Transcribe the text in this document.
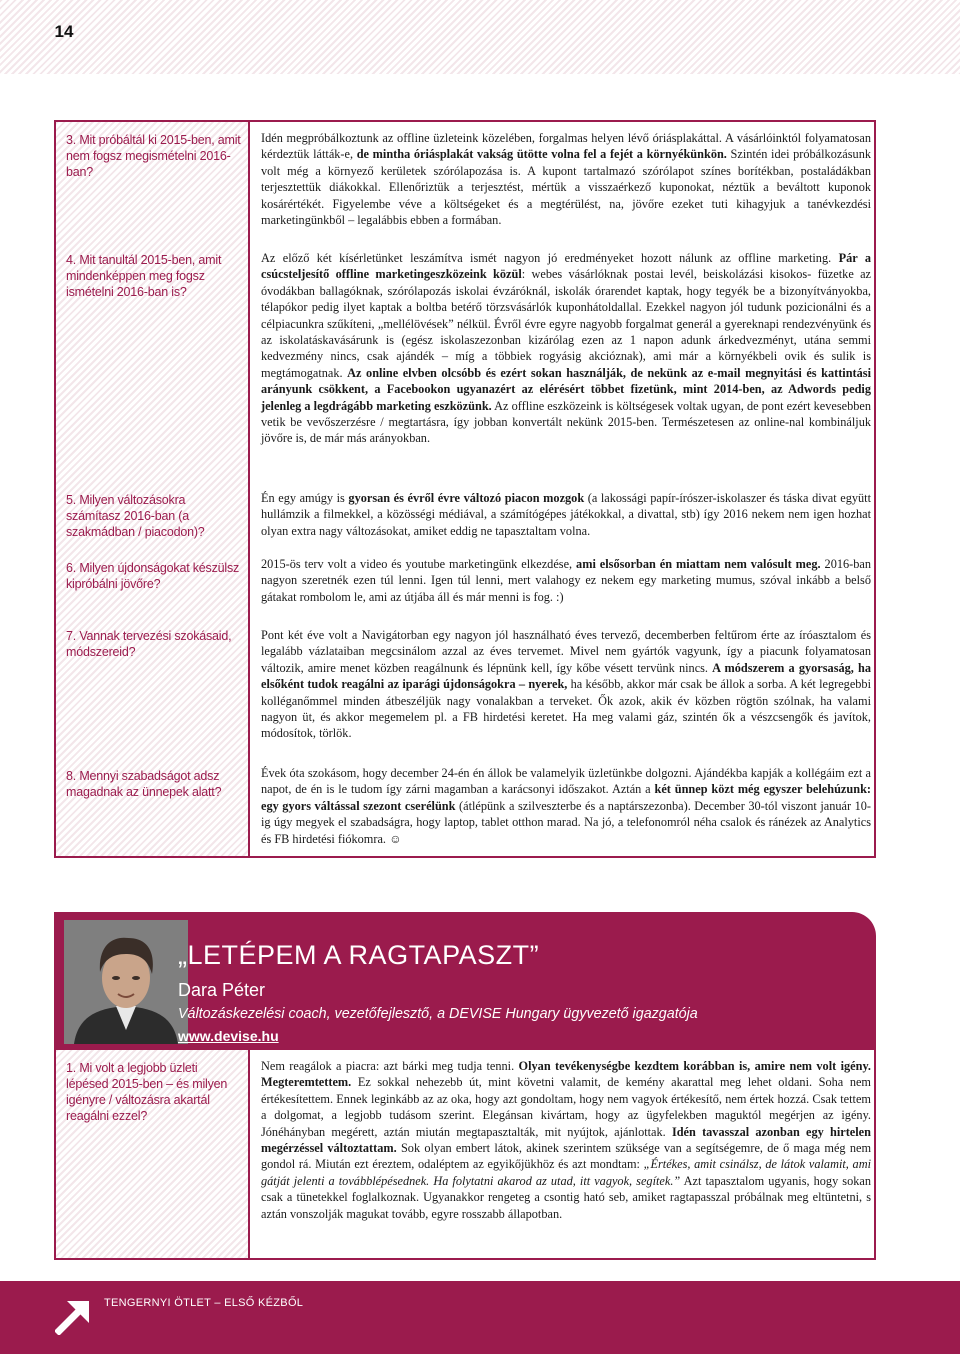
14
3. Mit próbáltál ki 2015-ben, amit nem fogsz megismételni 2016-ban?
4. Mit tanultál 2015-ben, amit mindenképpen meg fogsz ismételni 2016-ban is?
5. Milyen változásokra számítasz 2016-ban (a szakmádban / piacodon)?
6. Milyen újdonságokat készülsz kipróbálni jövőre?
7. Vannak tervezési szokásaid, módszereid?
8. Mennyi szabadságot adsz magadnak az ünnepek alatt?

Idén megpróbálkoztunk az offline üzleteink közelében, forgalmas helyen lévő óriásplakáttal. A vásárlóinktól folyamatosan kérdeztük látták-e, de mintha óriásplakát vakság ütötte volna fel a fejét a környékünkön. Szintén idei próbálkozásunk volt még a környező kerületek szórólapozása is. A kupont tartalmazó szórólapot színes borítékban, postaládákban terjesztettük diákokkal. Ellenőriztük a terjesztést, mértük a visszaérkező kuponokat, néztük a beváltott kuponok kosárértékét. Figyelembe véve a költségeket és a megtérülést, na, jövőre ezeket tuti kihagyjuk a tanévkezdési marketingünkből – legalábbis ebben a formában.

Az előző két kísérletünket leszámítva ismét nagyon jó eredményeket hozott nálunk az offline marketing. Pár a csúcsteljesítő offline marketingeszközeink közül: webes vásárlóknak postai levél, beiskolázási kisokos- füzetke az óvodákban ballagóknak, szórólapozás iskolai évzáróknál, iskolák órarendet kaptak, hogy tegyék be a bizonyítványokba, télapókor pedig ilyet kaptak a boltba betérő törzsvásárlók kuponhátoldallal. Ezekkel nagyon jól tudunk pozicionálni és a célpiacunkra szűkíteni, „mellélövések” nélkül. Évről évre egyre nagyobb forgalmat generál a gyereknapi rendezvényünk és az iskolatáskavásárunk is (egész iskolaszezonban kizárólag ezen az 1 napon adunk árkedvezményt, utána semmi kedvezmény nincs, csak ajándék – míg a többiek rogyásig akcióznak), ami már a környékbeli ovik és sulik is megtámogatnak. Az online elvben olcsóbb és ezért sokan használják, de nekünk az e-mail megnyitási és kattintási arányunk csökkent, a Facebookon ugyanazért az elérésért többet fizetünk, mint 2014-ben, az Adwords pedig jelenleg a legdrágább marketing eszközünk. Az offline eszközeink is költségesek voltak ugyan, de pont ezért kevesebben vetik be vevőszerzésre / megtartásra, így jobban konvertált nekünk 2015-ben. Természetesen az online-nal kombináljuk jövőre is, de már más arányokban.

Én egy amúgy is gyorsan és évről évre változó piacon mozgok (a lakossági papír-írószer-iskolaszer és táska divat együtt hullámzik a filmekkel, a közösségi médiával, a számítógépes játékokkal, a divattal, stb) így 2016 nekem nem igen hozhat olyan extra nagy változásokat, amiket eddig ne tapasztaltam volna.

2015-ös terv volt a video és youtube marketingünk elkezdése, ami elsősorban én miattam nem valósult meg. 2016-ban nagyon szeretnék ezen túl lenni. Igen túl lenni, mert valahogy ez nekem egy marketing mumus, szóval inkább a belső gátakat rombolom le, ami az útjába áll és már menni is fog. :)

Pont két éve volt a Navigátorban egy nagyon jól használható éves tervező, decemberben feltűrom érte az íróasztalom és legalább vázlataiban megcsinálom azzal az éves tervemet. Mivel nem gyártók vagyunk, így a piacunk folyamatosan változik, amire menet közben reagálnunk és lépnünk kell, így kőbe vésett tervünk nincs. A módszerem a gyorsaság, ha elsőként tudok reagálni az iparági újdonságokra – nyerek, ha később, akkor már csak be állok a sorba. A két legregebbi kolléganőmmel minden átbeszéljük nagy vonalakban a terveket. Ők azok, akik év közben rögtön szólnak, ha valami nagyon üt, és akkor megemelem pl. a FB hirdetési keretet. Ha meg valami gáz, szintén ők a vészcsengők és javítok, módosítok, törlök.

Évek óta szokásom, hogy december 24-én én állok be valamelyik üzletünkbe dolgozni. Ajándékba kapják a kollégáim ezt a napot, de én is le tudom így zárni magamban a karácsonyi időszakot. Aztán a két ünnep közt még egyszer belehúzunk: egy gyors váltással szezont cserélünk (átlépünk a szilveszterbe és a naptárszezonba). December 30-tól viszont január 10-ig úgy megyek el szabadságra, hogy laptop, tablet otthon marad. Na jó, a telefonomról néha csalok és ránézek az Analytics és FB hirdetési fiókomra. ☺

„LETÉPEM A RAGTAPASZT”
Dara Péter
Változáskezelési coach, vezetőfejlesztő, a DEVISE Hungary ügyvezető igazgatója
www.devise.hu
1. Mi volt a legjobb üzleti lépésed 2015-ben – és milyen igényre / változásra akartál reagálni ezzel?

Nem reagálok a piacra: azt bárki meg tudja tenni. Olyan tevékenységbe kezdtem korábban is, amire nem volt igény. Megteremtettem. Ez sokkal nehezebb út, mint követni valamit, de kemény akarattal meg lehet oldani. Soha nem értékesítettem. Ennek leginkább az az oka, hogy azt gondoltam, hogy nem vagyok értékesítő, nem értek hozzá. Csak tettem a dolgomat, a legjobb tudásom szerint. Elegánsan kivártam, hogy az ügyfelekben maguktól megérjen az igény. Jónéhányban megérett, aztán miután megtapasztalták, mit nyújtok, ajánlottak. Idén tavasszal azonban egy hirtelen megérzéssel változtattam. Sok olyan embert látok, akinek szerintem szüksége van a segítségemre, de ő maga még nem gondol rá. Miután ezt éreztem, odaléptem az egyikőjükhöz és azt mondtam: „Értékes, amit csinálsz, de látok valamit, ami gátját jelenti a továbblépésednek. Ha folytatni akarod az utad, itt vagyok, segítek.” Azt tapasztalom ugyanis, hogy sokan csak a tünetekkel foglalkoznak. Ugyanakkor rengeteg a csontig ható seb, amiket ragtapasszal próbálnak meg eltüntetni, s aztán vonszolják magukat tovább, egyre rosszabb állapotban.

TENGERNYI ÖTLET – ELSŐ KÉZBŐL
